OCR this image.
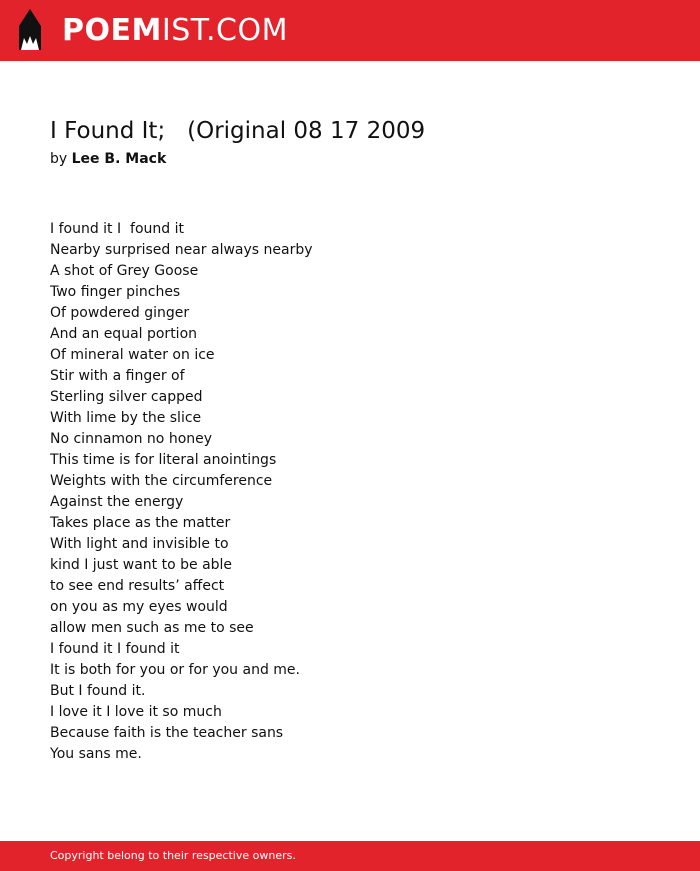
POEMIST.COM
I Found It;   (Original 08 17 2009
by Lee B. Mack
I found it I  found it
Nearby surprised near always nearby
A shot of Grey Goose
Two finger pinches
Of powdered ginger
And an equal portion
Of mineral water on ice
Stir with a finger of
Sterling silver capped
With lime by the slice
No cinnamon no honey
This time is for literal anointings
Weights with the circumference
Against the energy
Takes place as the matter
With light and invisible to
kind I just want to be able
to see end results’ affect
on you as my eyes would
allow men such as me to see
I found it I found it
It is both for you or for you and me.
But I found it.
I love it I love it so much
Because faith is the teacher sans
You sans me.
Copyright belong to their respective owners.
